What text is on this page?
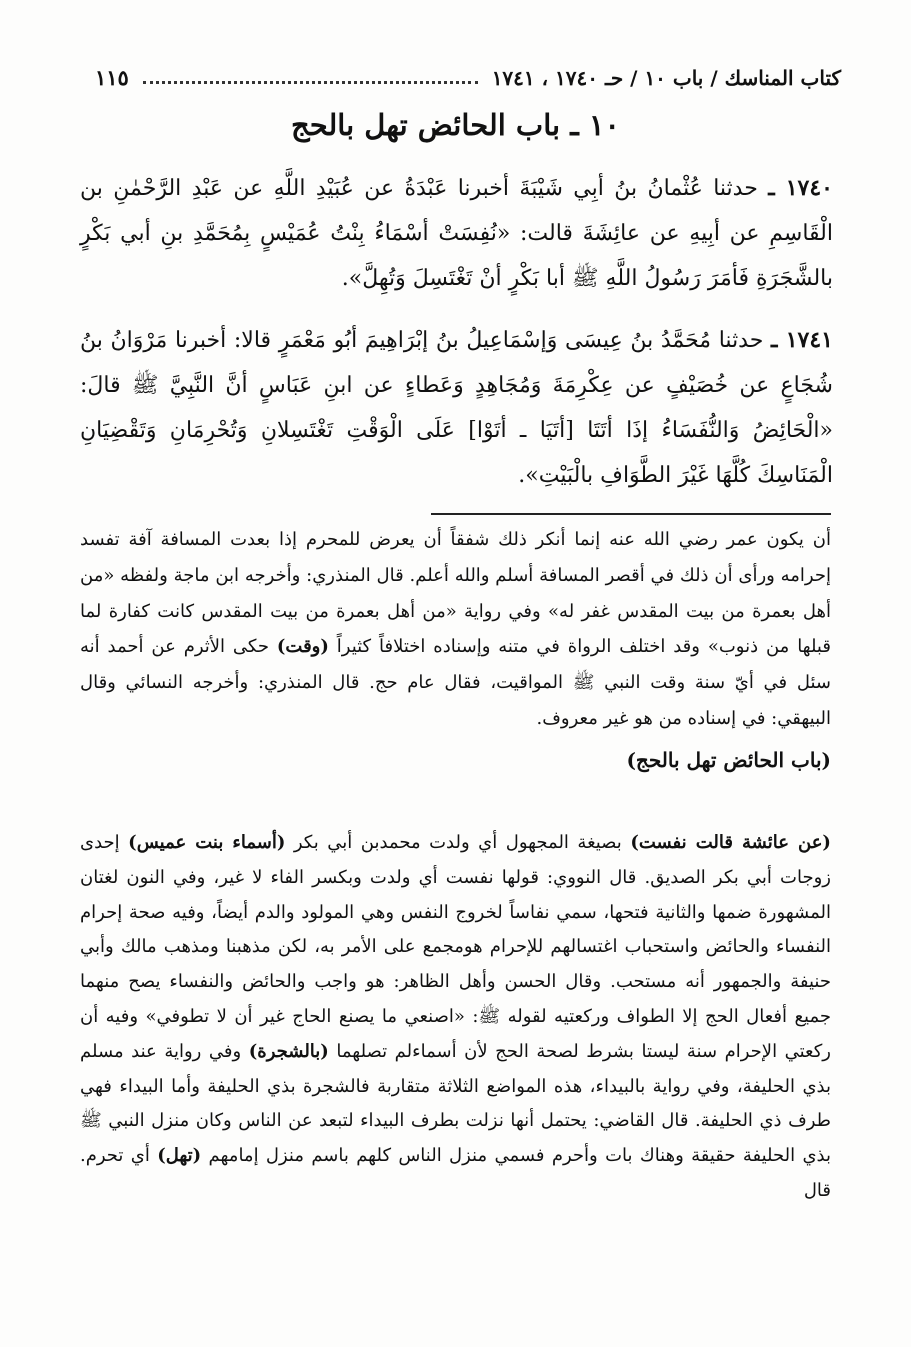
كتاب المناسك / باب ١٠ / حـ ١٧٤٠ ، ١٧٤١
١١٥
١٠ ـ باب الحائض تهل بالحج

١٧٤٠ ـ حدثنا عُثْمانُ بنُ أبِي شَيْبَةَ أخبرنا عَبْدَةُ عن عُبَيْدِ اللَّهِ عن عَبْدِ الرَّحْمٰنِ بن الْقَاسِمِ عن أبِيهِ عن عائِشَةَ قالت: «نُفِسَتْ أسْمَاءُ بِنْتُ عُمَيْسٍ بِمُحَمَّدِ بنِ أبي بَكْرٍ بالشَّجَرَةِ فَأمَرَ رَسُولُ اللَّهِ ﷺ أبا بَكْرٍ أنْ تَغْتَسِلَ وَتُهِلَّ».

١٧٤١ ـ حدثنا مُحَمَّدُ بنُ عِيسَى وَإسْمَاعِيلُ بنُ إبْرَاهِيمَ أبُو مَعْمَرٍ قالا: أخبرنا مَرْوَانُ بنُ شُجَاعٍ عن خُصَيْفٍ عن عِكْرِمَةَ وَمُجَاهِدٍ وَعَطاءٍ عن ابنِ عَبَاسٍ أنَّ النَّبِيَّ ﷺ قالَ: «الْحَائِضُ وَالنُّفَسَاءُ إذَا أتَتَا [أتَيَا ـ أتَوْا] عَلَى الْوَقْتِ تَغْتَسِلانِ وَتُحْرِمَانِ وَتَقْضِيَانِ الْمَنَاسِكَ كُلَّهَا غَيْرَ الطَّوَافِ بالْبَيْتِ».

أن يكون عمر رضي الله عنه إنما أنكر ذلك شفقاً أن يعرض للمحرم إذا بعدت المسافة آفة تفسد إحرامه ورأى أن ذلك في أقصر المسافة أسلم والله أعلم. قال المنذري: وأخرجه ابن ماجة ولفظه «من أهل بعمرة من بيت المقدس غفر له» وفي رواية «من أهل بعمرة من بيت المقدس كانت كفارة لما قبلها من ذنوب» وقد اختلف الرواة في متنه وإسناده اختلافاً كثيراً (وقت) حكى الأثرم عن أحمد أنه سئل في أيّ سنة وقت النبي ﷺ المواقيت، فقال عام حج. قال المنذري: وأخرجه النسائي وقال البيهقي: في إسناده من هو غير معروف.
(باب الحائض تهل بالحج)
(عن عائشة قالت نفست) بصيغة المجهول أي ولدت محمدبن أبي بكر (أسماء بنت عميس) إحدى زوجات أبي بكر الصديق. قال النووي: قولها نفست أي ولدت وبكسر الفاء لا غير، وفي النون لغتان المشهورة ضمها والثانية فتحها، سمي نفاساً لخروج النفس وهي المولود والدم أيضاً، وفيه صحة إحرام النفساء والحائض واستحباب اغتسالهم للإحرام هومجمع على الأمر به، لكن مذهبنا ومذهب مالك وأبي حنيفة والجمهور أنه مستحب. وقال الحسن وأهل الظاهر: هو واجب والحائض والنفساء يصح منهما جميع أفعال الحج إلا الطواف وركعتيه لقوله ﷺ: «اصنعي ما يصنع الحاج غير أن لا تطوفي» وفيه أن ركعتي الإحرام سنة ليستا بشرط لصحة الحج لأن أسماءلم تصلهما (بالشجرة) وفي رواية عند مسلم بذي الحليفة، وفي رواية بالبيداء، هذه المواضع الثلاثة متقاربة فالشجرة بذي الحليفة وأما البيداء فهي طرف ذي الحليفة. قال القاضي: يحتمل أنها نزلت بطرف البيداء لتبعد عن الناس وكان منزل النبي ﷺ بذي الحليفة حقيقة وهناك بات وأحرم فسمي منزل الناس كلهم باسم منزل إمامهم (تهل) أي تحرم. قال
